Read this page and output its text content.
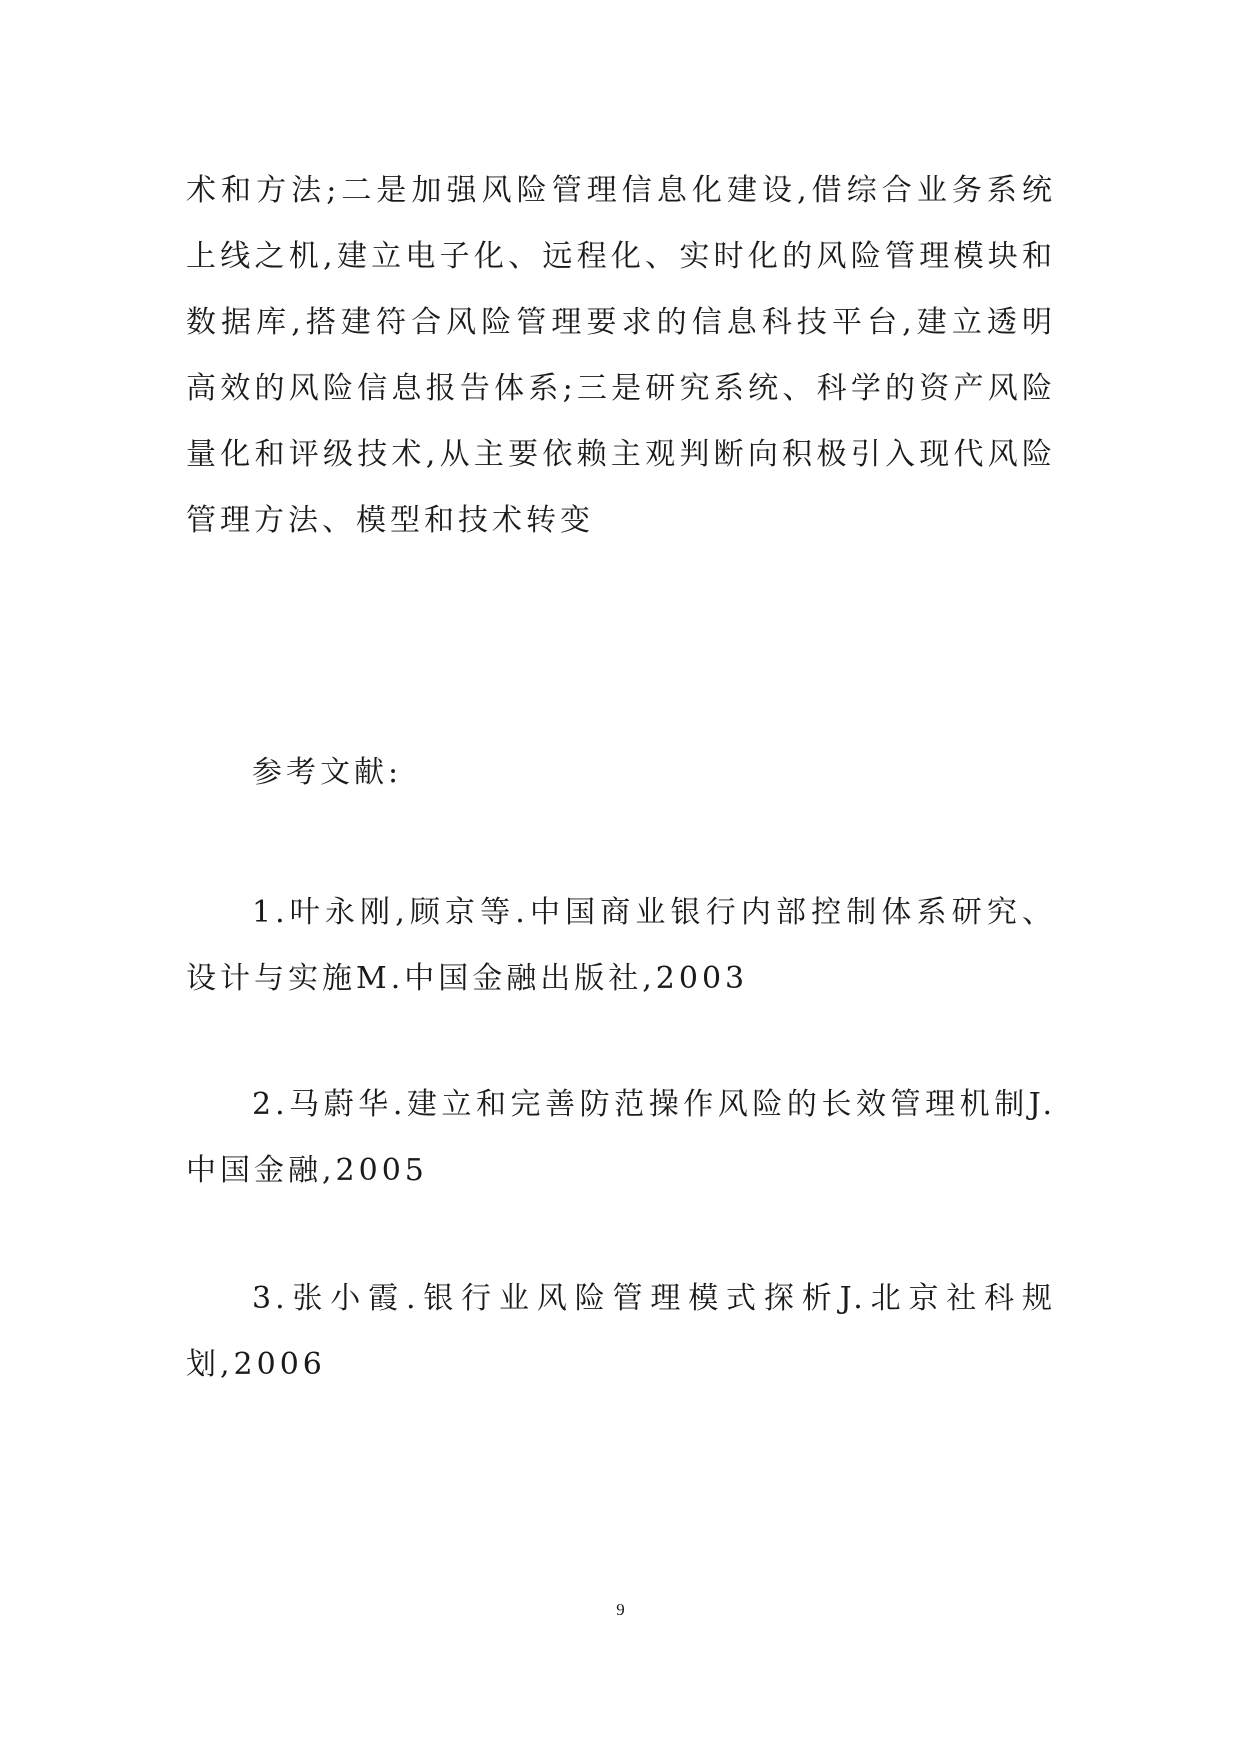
术和方法;二是加强风险管理信息化建设,借综合业务系统上线之机,建立电子化、远程化、实时化的风险管理模块和数据库,搭建符合风险管理要求的信息科技平台,建立透明高效的风险信息报告体系;三是研究系统、科学的资产风险量化和评级技术,从主要依赖主观判断向积极引入现代风险管理方法、模型和技术转变
参考文献:
1.叶永刚,顾京等.中国商业银行内部控制体系研究、设计与实施M.中国金融出版社,2003
2.马蔚华.建立和完善防范操作风险的长效管理机制J.中国金融,2005
3.张小霞.银行业风险管理模式探析J.北京社科规划,2006
9
